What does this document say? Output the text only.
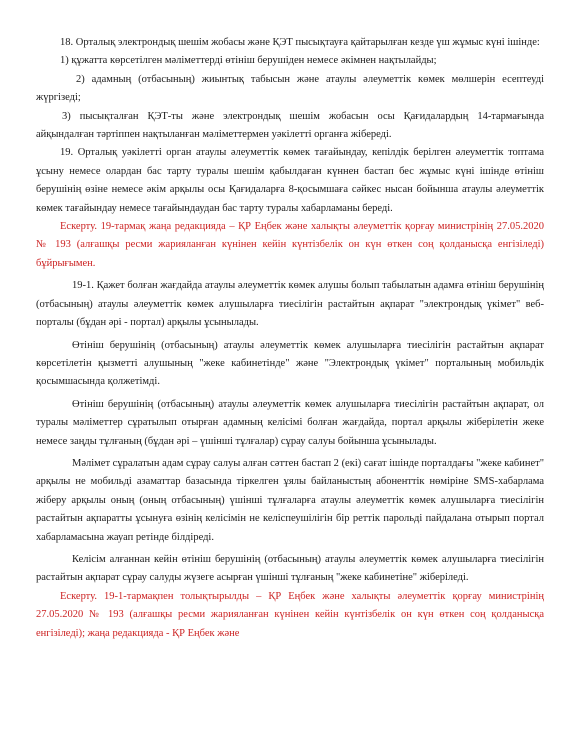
18. Орталық электрондық шешім жобасы және ҚЭТ пысықтауға қайтарылған кезде үш жұмыс күні ішінде:

1) құжатта көрсетілген мәліметтерді өтініш берушіден немесе әкімнен нақтылайды;

2) адамның (отбасының) жиынтық табысын және атаулы әлеуметтік көмек мөлшерін есептеуді жүргізеді;

3) пысықталған ҚЭТ-ты және электрондық шешім жобасын осы Қағидалардың 14-тармағында айқындалған тәртіппен нақтыланған мәліметтермен уәкілетті органға жібереді.

19. Орталық уәкілетті орган атаулы әлеуметтік көмек тағайындау, кепілдік берілген әлеуметтік топтама ұсыну немесе олардан бас тарту туралы шешім қабылдаған күннен бастап бес жұмыс күні ішінде өтініш берушінің өзіне немесе әкім арқылы осы Қағидаларға 8-қосымшаға сәйкес нысан бойынша атаулы әлеуметтік көмек тағайындау немесе тағайындаудан бас тарту туралы хабарламаны береді.

Ескерту. 19-тармақ жаңа редакцияда – ҚР Еңбек және халықты әлеуметтік қорғау министрінің 27.05.2020 № 193 (алғашқы ресми жарияланған күнінен кейін күнтізбелік он күн өткен соң қолданысқа енгізіледі) бұйрығымен.

19-1. Қажет болған жағдайда атаулы әлеуметтік көмек алушы болып табылатын адамға өтініш берушінің (отбасының) атаулы әлеуметтік көмек алушыларға тиесілігін растайтын ақпарат "электрондық үкімет" веб-порталы (бұдан әрі - портал) арқылы ұсынылады.

Өтініш берушінің (отбасының) атаулы әлеуметтік көмек алушыларға тиесілігін растайтын ақпарат көрсетілетін қызметті алушының "жеке кабинетінде" және "Электрондық үкімет" порталының мобильдік қосымшасында қолжетімді.

Өтініш берушінің (отбасының) атаулы әлеуметтік көмек алушыларға тиесілігін растайтын ақпарат, ол туралы мәліметтер сұратылып отырған адамның келісімі болған жағдайда, портал арқылы жіберілетін жеке немесе заңды тұлғаның (бұдан әрі – үшінші тұлғалар) сұрау салуы бойынша ұсынылады.

Мәлімет сұралатын адам сұрау салуы алған сәттен бастап 2 (екі) сағат ішінде порталдағы "жеке кабинет" арқылы не мобильді азаматтар базасында тіркелген ұялы байланыстың абоненттік нөміріне SMS-хабарлама жіберу арқылы оның (оның отбасының) үшінші тұлғаларға атаулы әлеуметтік көмек алушыларға тиесілігін растайтын ақпаратты ұсынуға өзінің келісімін не келіспеушілігін бір реттік парольді пайдалана отырып портал хабарламасына жауап ретінде білдіреді.

Келісім алғаннан кейін өтініш берушінің (отбасының) атаулы әлеуметтік көмек алушыларға тиесілігін растайтын ақпарат сұрау салуды жүзеге асырған үшінші тұлғаның "жеке кабинетіне" жіберіледі.

Ескерту. 19-1-тармақпен толықтырылды – ҚР Еңбек және халықты әлеуметтік қорғау министрінің 27.05.2020 № 193 (алғашқы ресми жарияланған күнінен кейін күнтізбелік он күн өткен соң қолданысқа енгізіледі); жаңа редакцияда - ҚР Еңбек және
